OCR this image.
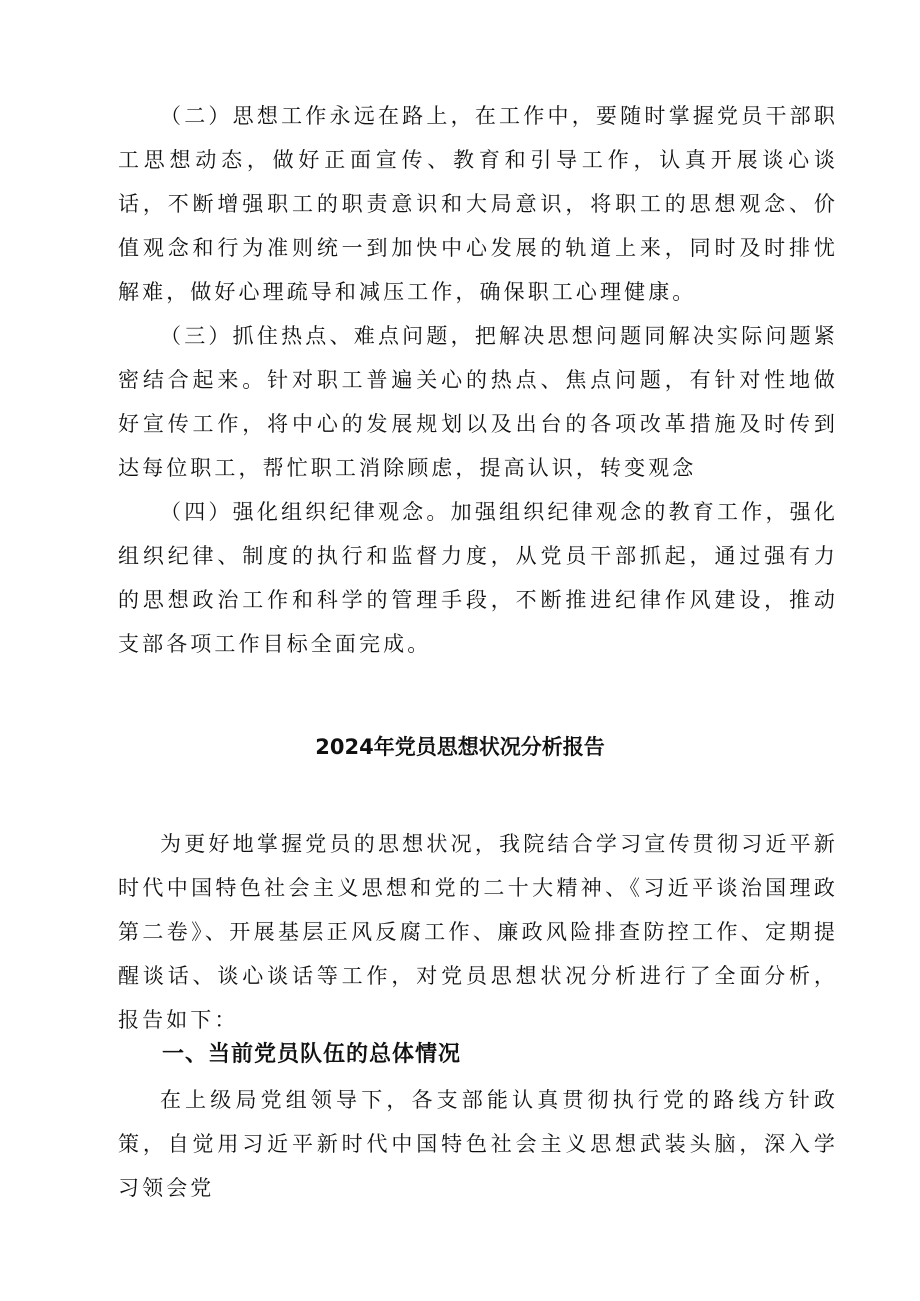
（二）思想工作永远在路上，在工作中，要随时掌握党员干部职工思想动态，做好正面宣传、教育和引导工作，认真开展谈心谈话，不断增强职工的职责意识和大局意识，将职工的思想观念、价值观念和行为准则统一到加快中心发展的轨道上来，同时及时排忧解难，做好心理疏导和减压工作，确保职工心理健康。

（三）抓住热点、难点问题，把解决思想问题同解决实际问题紧密结合起来。针对职工普遍关心的热点、焦点问题，有针对性地做好宣传工作，将中心的发展规划以及出台的各项改革措施及时传到达每位职工，帮忙职工消除顾虑，提高认识，转变观念

（四）强化组织纪律观念。加强组织纪律观念的教育工作，强化组织纪律、制度的执行和监督力度，从党员干部抓起，通过强有力的思想政治工作和科学的管理手段，不断推进纪律作风建设，推动支部各项工作目标全面完成。

2024年党员思想状况分析报告

为更好地掌握党员的思想状况，我院结合学习宣传贯彻习近平新时代中国特色社会主义思想和党的二十大精神、《习近平谈治国理政第二卷》、开展基层正风反腐工作、廉政风险排查防控工作、定期提醒谈话、谈心谈话等工作，对党员思想状况分析进行了全面分析，报告如下：

一、当前党员队伍的总体情况

在上级局党组领导下，各支部能认真贯彻执行党的路线方针政策，自觉用习近平新时代中国特色社会主义思想武装头脑，深入学习领会党
